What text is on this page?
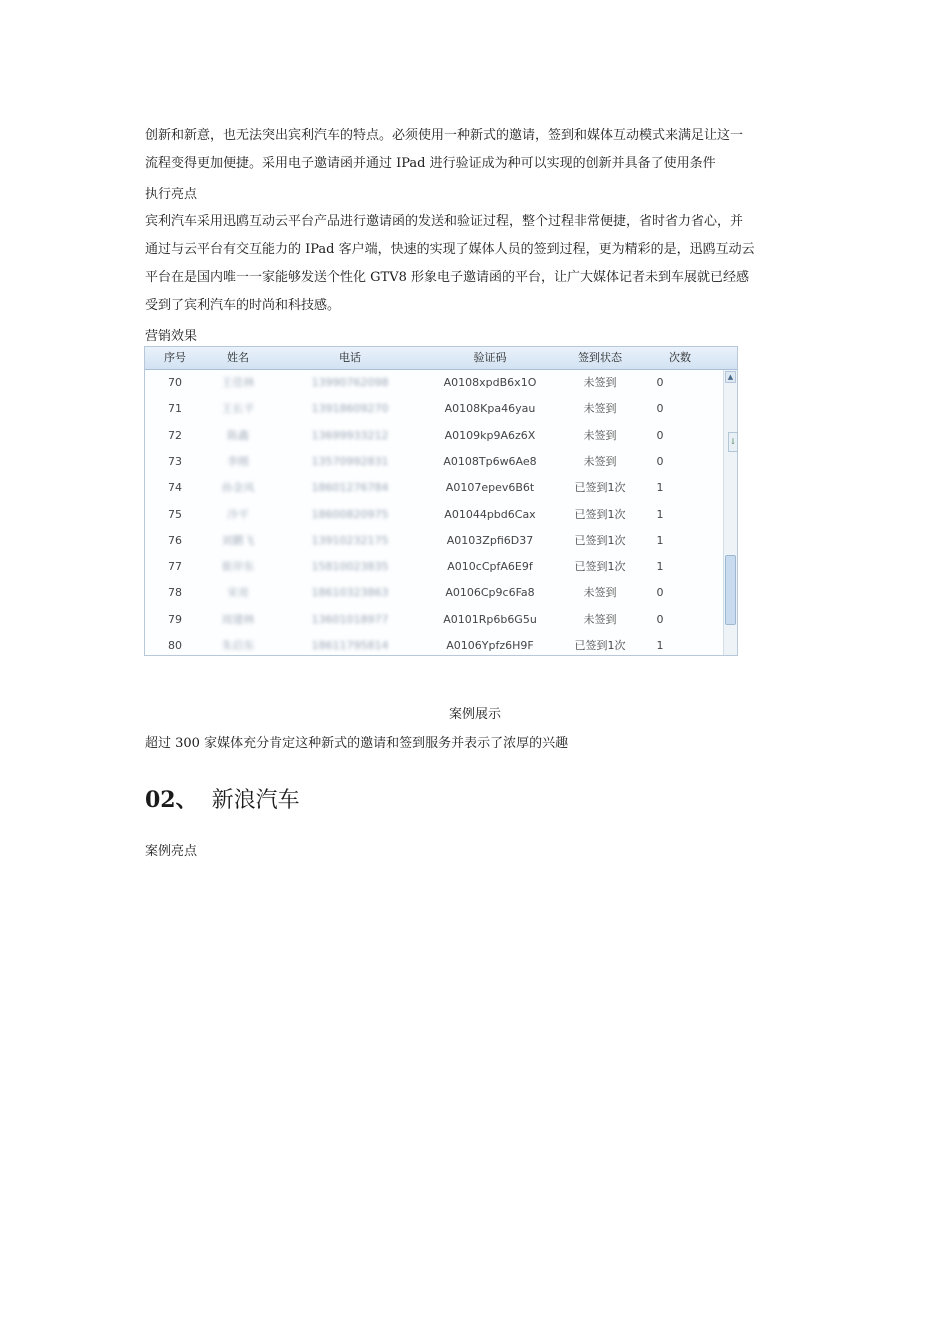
创新和新意，也无法突出宾利汽车的特点。必须使用一种新式的邀请，签到和媒体互动模式来满足让这一
流程变得更加便捷。采用电子邀请函并通过 IPad 进行验证成为种可以实现的创新并具备了使用条件
执行亮点
宾利汽车采用迅鸥互动云平台产品进行邀请函的发送和验证过程，整个过程非常便捷，省时省力省心，并
通过与云平台有交互能力的 IPad 客户端，快速的实现了媒体人员的签到过程，更为精彩的是，迅鸥互动云
平台在是国内唯一一家能够发送个性化 GTV8 形象电子邀请函的平台，让广大媒体记者未到车展就已经感
受到了宾利汽车的时尚和科技感。
营销效果
序号	姓名	电话	验证码	签到状态	次数
70	王佳林	13990762098	A0108xpdB6x1O	未签到	0
71	王长平	13918609270	A0108Kpa46yau	未签到	0
72	陈鑫	13699933212	A0109kp9A6z6X	未签到	0
73	李刚	13570992831	A0108Tp6w6Ae8	未签到	0
74	孙金凤	18601276784	A0107epev6B6t	已签到1次	1
75	冷平	18600820975	A01044pbd6Cax	已签到1次	1
76	刘鹏飞	13910232175	A0103Zpfi6D37	已签到1次	1
77	崔岸东	15810023835	A010cCpfA6E9f	已签到1次	1
78	宋亮	18610323863	A0106Cp9c6Fa8	未签到	0
79	周建林	13601018977	A0101Rp6b6G5u	未签到	0
80	朱启东	18611795814	A0106Ypfz6H9F	已签到1次	1
▲
↓
案例展示
超过 300 家媒体充分肯定这种新式的邀请和签到服务并表示了浓厚的兴趣
02、 新浪汽车
案例亮点
